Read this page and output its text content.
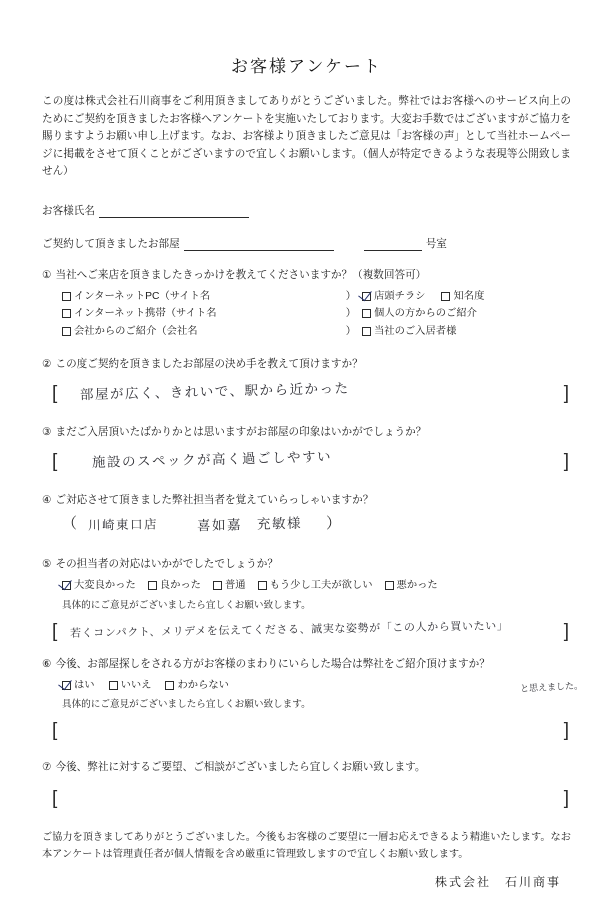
お客様アンケート
この度は株式会社石川商事をご利用頂きましてありがとうございました。弊社ではお客様へのサービス向上のためにご契約を頂きましたお客様へアンケートを実施いたしております。大変お手数ではございますがご協力を賜りますようお願い申し上げます。なお、お客様より頂きましたご意見は「お客様の声」として当社ホームページに掲載をさせて頂くことがございますので宜しくお願いします。（個人が特定できるような表現等公開致しません）
お客様氏名
ご契約して頂きましたお部屋	号室
① 当社へご来店を頂きましたきっかけを教えてくださいますか？（複数回答可）
インターネットPC（サイト名	） 店頭チラシ	知名度
インターネット携帯（サイト名	） 個人の方からのご紹介
会社からのご紹介（会社名	） 当社のご入居者様
② この度ご契約を頂きましたお部屋の決め手を教えて頂けますか？
[ 部屋が広く、きれいで、駅から近かった	]
③ まだご入居頂いたばかりかとは思いますがお部屋の印象はいかがでしょうか？
[	施設のスペックが高く過ごしやすい	]
④ ご対応させて頂きました弊社担当者を覚えていらっしゃいますか？
（ 川崎東口店	喜如嘉　充敏様 ）
⑤ その担当者の対応はいかがでしたでしょうか？
大変良かった 良かった 普通 もう少し工夫が欲しい 悪かった
具体的にご意見がございましたら宜しくお願い致します。
[ 若くコンパクト、メリデメを伝えてくださる、誠実な姿勢が「この人から買いたい」	]
と思えました。
⑥ 今後、お部屋探しをされる方がお客様のまわりにいらした場合は弊社をご紹介頂けますか？
はい	いいえ	わからない
具体的にご意見がございましたら宜しくお願い致します。
[	]
⑦ 今後、弊社に対するご要望、ご相談がございましたら宜しくお願い致します。
[	]
ご協力を頂きましてありがとうございました。今後もお客様のご要望に一層お応えできるよう精進いたします。なお本アンケートは管理責任者が個人情報を含め厳重に管理致しますので宜しくお願い致します。
株式会社　石川商事
